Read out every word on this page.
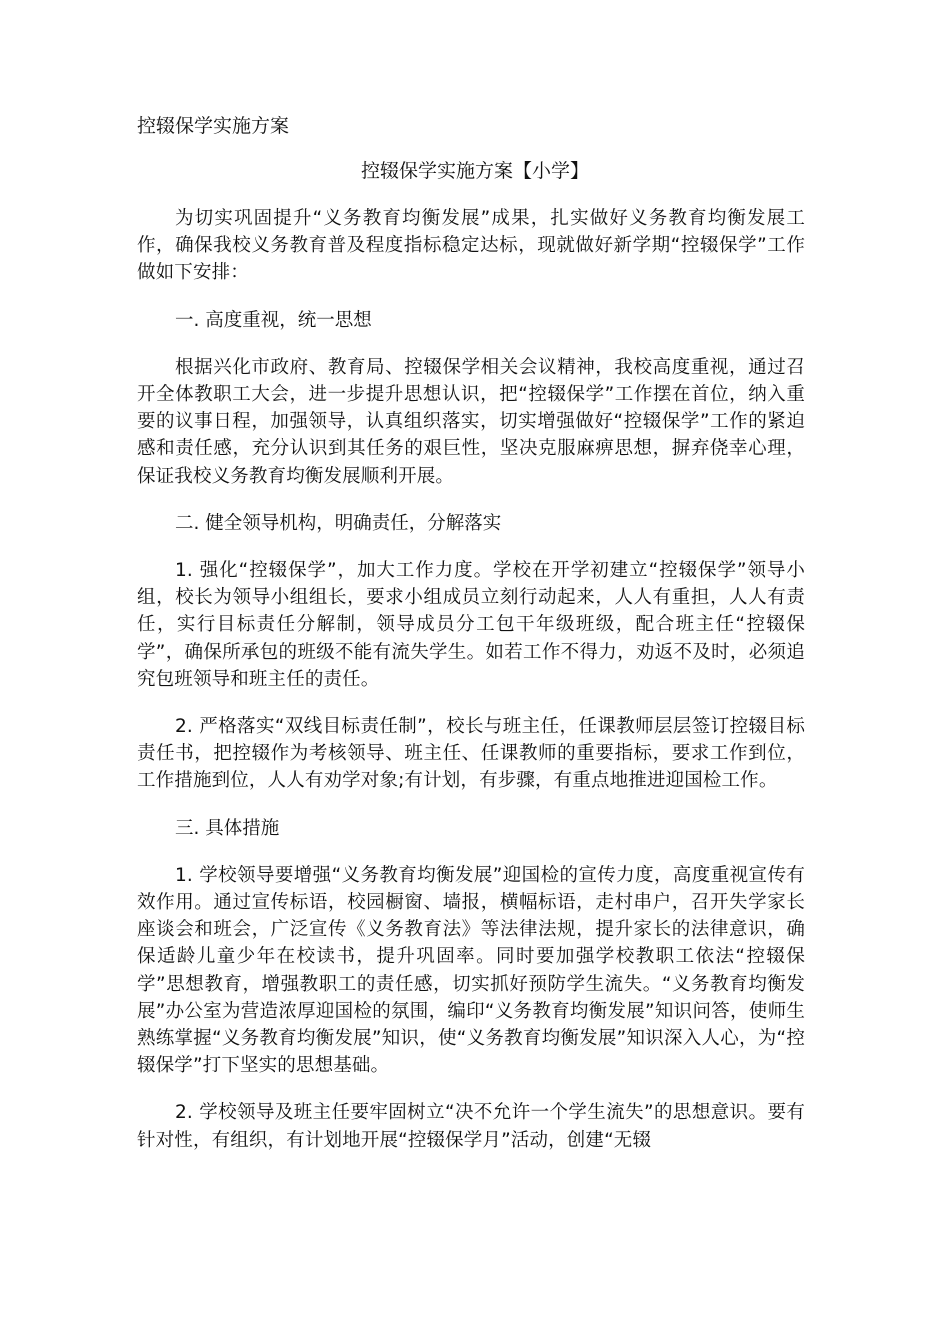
控辍保学实施方案
控辍保学实施方案【小学】

为切实巩固提升“义务教育均衡发展”成果，扎实做好义务教育均衡发展工作，确保我校义务教育普及程度指标稳定达标，现就做好新学期“控辍保学”工作做如下安排：

一. 高度重视，统一思想

根据兴化市政府、教育局、控辍保学相关会议精神，我校高度重视，通过召开全体教职工大会，进一步提升思想认识，把“控辍保学”工作摆在首位，纳入重要的议事日程，加强领导，认真组织落实，切实增强做好“控辍保学”工作的紧迫感和责任感，充分认识到其任务的艰巨性，坚决克服麻痹思想，摒弃侥幸心理，保证我校义务教育均衡发展顺利开展。

二. 健全领导机构，明确责任，分解落实

1. 强化“控辍保学”，加大工作力度。学校在开学初建立“控辍保学”领导小组，校长为领导小组组长，要求小组成员立刻行动起来，人人有重担，人人有责任，实行目标责任分解制，领导成员分工包干年级班级，配合班主任“控辍保学”，确保所承包的班级不能有流失学生。如若工作不得力，劝返不及时，必须追究包班领导和班主任的责任。

2. 严格落实“双线目标责任制”，校长与班主任，任课教师层层签订控辍目标责任书，把控辍作为考核领导、班主任、任课教师的重要指标，要求工作到位，工作措施到位，人人有劝学对象;有计划，有步骤，有重点地推进迎国检工作。

三. 具体措施

1. 学校领导要增强“义务教育均衡发展”迎国检的宣传力度，高度重视宣传有效作用。通过宣传标语，校园橱窗、墙报，横幅标语，走村串户，召开失学家长座谈会和班会，广泛宣传《义务教育法》等法律法规，提升家长的法律意识，确保适龄儿童少年在校读书，提升巩固率。同时要加强学校教职工依法“控辍保学”思想教育，增强教职工的责任感，切实抓好预防学生流失。“义务教育均衡发展”办公室为营造浓厚迎国检的氛围，编印“义务教育均衡发展”知识问答，使师生熟练掌握“义务教育均衡发展”知识，使“义务教育均衡发展”知识深入人心，为“控辍保学”打下坚实的思想基础。

2. 学校领导及班主任要牢固树立“决不允许一个学生流失”的思想意识。要有针对性，有组织，有计划地开展“控辍保学月”活动，创建“无辍
